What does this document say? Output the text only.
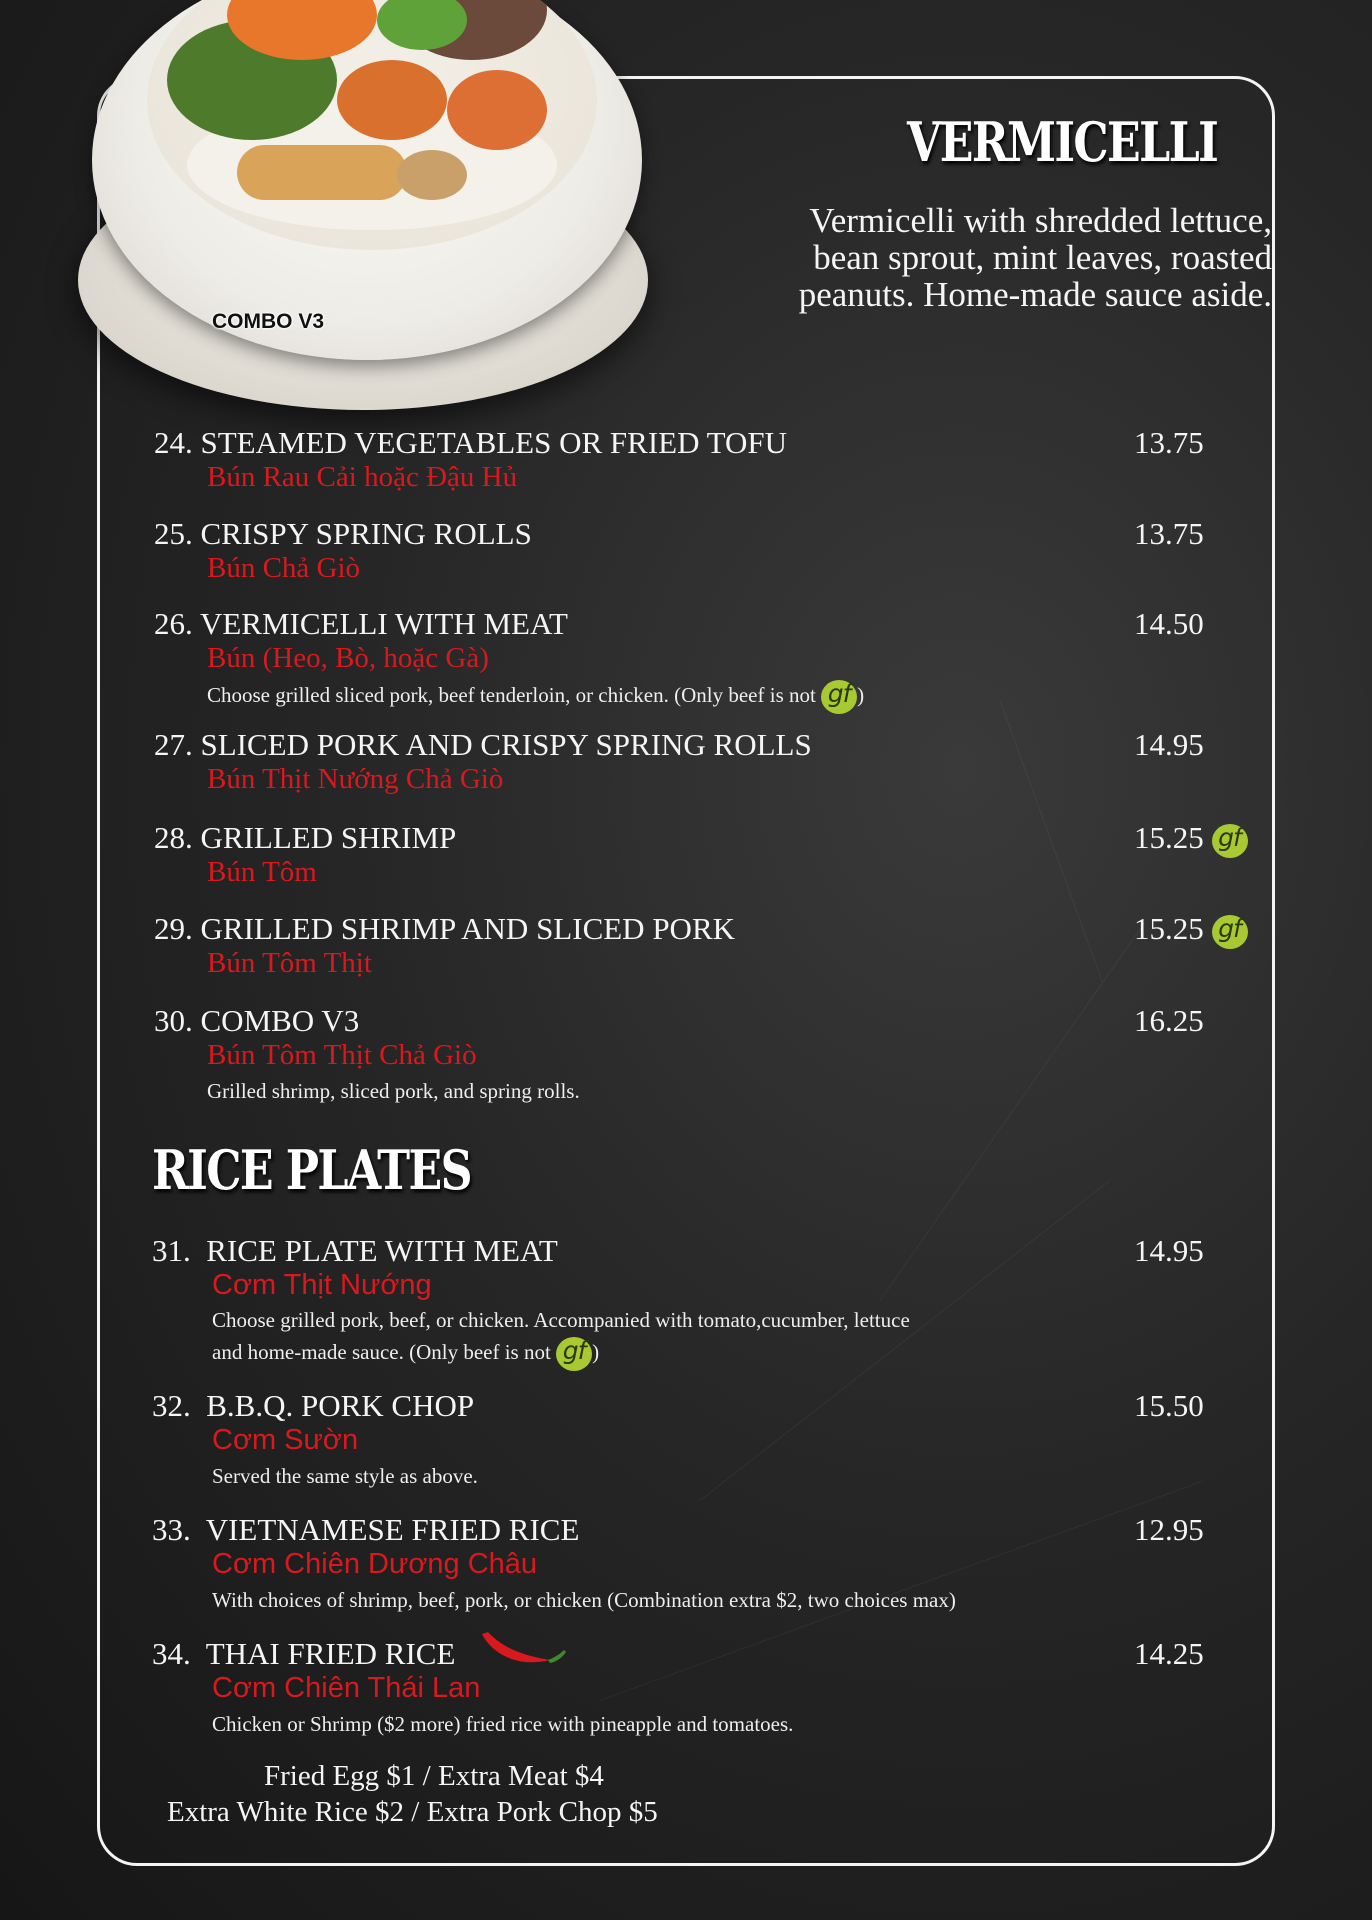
COMBO V3
VERMICELLI
Vermicelli with shredded lettuce,
bean sprout, mint leaves, roasted
peanuts. Home-made sauce aside.
24. STEAMED VEGETABLES OR FRIED TOFU
Bún Rau Cải hoặc Đậu Hủ
13.75
25. CRISPY SPRING ROLLS
Bún Chả Giò
13.75
26. VERMICELLI WITH MEAT
Bún (Heo, Bò, hoặc Gà)
Choose grilled sliced pork, beef tenderloin, or chicken. (Only beef is not gf )
14.50
27. SLICED PORK AND CRISPY SPRING ROLLS
Bún Thịt Nướng Chả Giò
14.95
28. GRILLED SHRIMP
Bún Tôm
15.25 gf
29. GRILLED SHRIMP AND SLICED PORK
Bún Tôm Thịt
15.25 gf
30. COMBO V3
Bún Tôm Thịt Chả Giò
Grilled shrimp, sliced pork, and spring rolls.
16.25
RICE PLATES
31. RICE PLATE WITH MEAT
Cơm Thịt Nướng
Choose grilled pork, beef, or chicken. Accompanied with tomato,cucumber, lettuce
and home-made sauce. (Only beef is not gf )
14.95
32. B.B.Q. PORK CHOP
Cơm Sườn
Served the same style as above.
15.50
33. VIETNAMESE FRIED RICE
Cơm Chiên Dương Châu
With choices of shrimp, beef, pork, or chicken (Combination extra $2, two choices max)
12.95
34. THAI FRIED RICE
Cơm Chiên Thái Lan
Chicken or Shrimp ($2 more) fried rice with pineapple and tomatoes.
14.25
Fried Egg $1 / Extra Meat $4
Extra White Rice $2 / Extra Pork Chop $5
